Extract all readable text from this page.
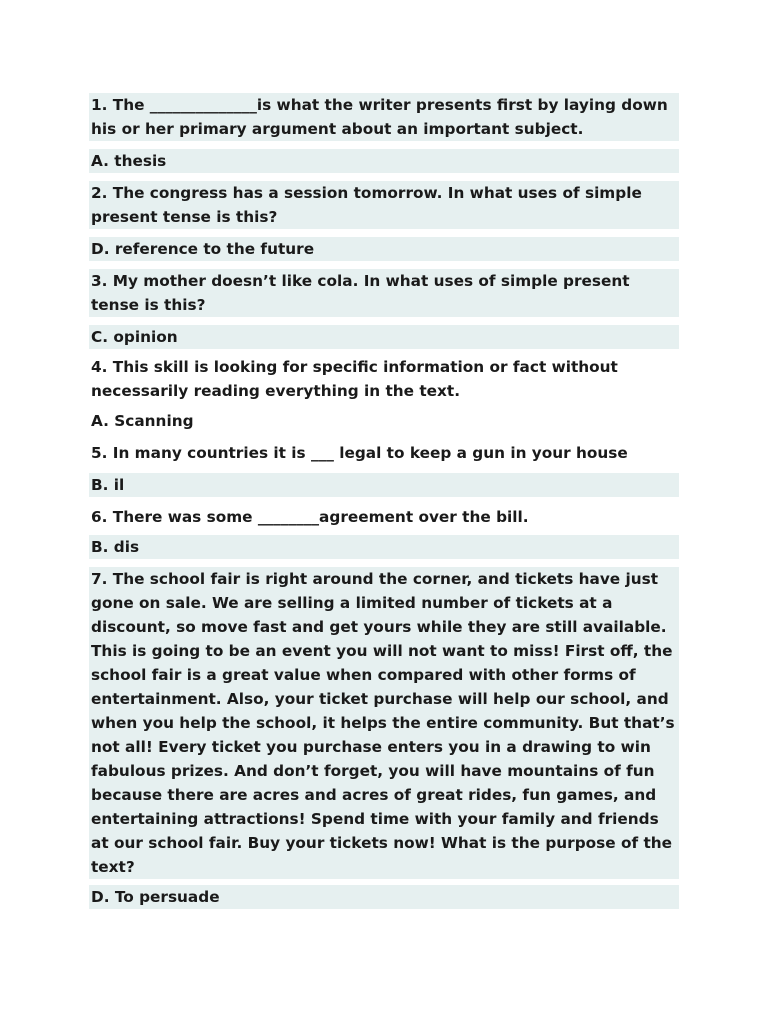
1. The ______________is what the writer presents first by laying down his or her primary argument about an important subject.

A. thesis

2. The congress has a session tomorrow. In what uses of simple present tense is this?

D. reference to the future

3. My mother doesn’t like cola. In what uses of simple present tense is this?

C. opinion

4. This skill is looking for specific information or fact without necessarily reading everything in the text.

A. Scanning

5. In many countries it is ___ legal to keep a gun in your house

B. il

6. There was some ________agreement over the bill.

B. dis

7. The school fair is right around the corner, and tickets have just gone on sale. We are selling a limited number of tickets at a discount, so move fast and get yours while they are still available. This is going to be an event you will not want to miss! First off, the school fair is a great value when compared with other forms of entertainment. Also, your ticket purchase will help our school, and when you help the school, it helps the entire community. But that’s not all! Every ticket you purchase enters you in a drawing to win fabulous prizes. And don’t forget, you will have mountains of fun because there are acres and acres of great rides, fun games, and entertaining attractions! Spend time with your family and friends at our school fair. Buy your tickets now! What is the purpose of the text?

D. To persuade
